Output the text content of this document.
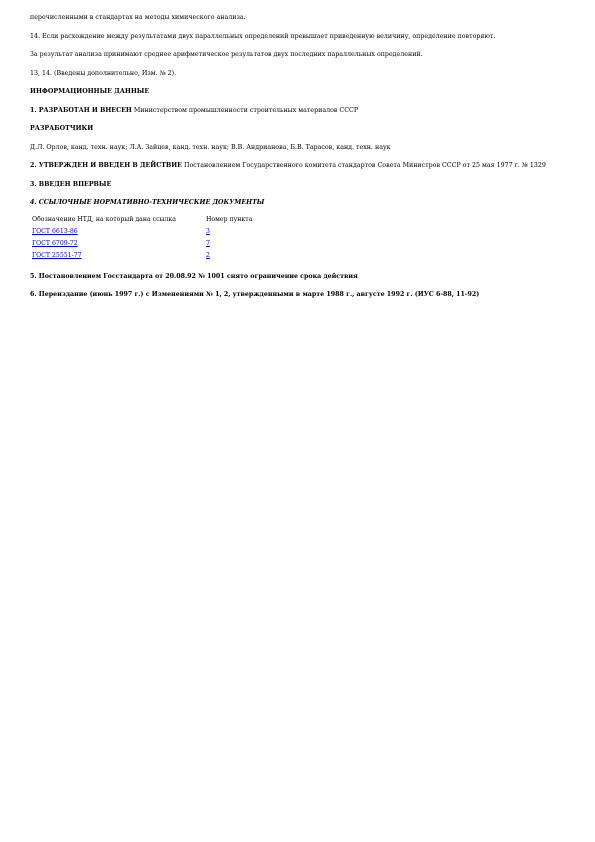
перечисленными в стандартах на методы химического анализа.

14. Если расхождение между результатами двух параллельных определений превышает приведенную величину, определение повторяют.

За результат анализа принимают среднее арифметическое результатов двух последних параллельных определений.

13, 14. (Введены дополнительно, Изм. № 2).

ИНФОРМАЦИОННЫЕ ДАННЫЕ

1. РАЗРАБОТАН И ВНЕСЕН Министерством промышленности строительных материалов СССР

РАЗРАБОТЧИКИ

Д.Л. Орлов, канд. техн. наук; Л.А. Зайцев, канд. техн. наук; В.В. Андрианова, Б.В. Тарасов, канд. техн. наук

2. УТВЕРЖДЕН И ВВЕДЕН В ДЕЙСТВИЕ Постановлением Государственного комитета стандартов Совета Министров СССР от 25 мая 1977 г. № 1329

3. ВВЕДЕН ВПЕРВЫЕ

4. ССЫЛОЧНЫЕ НОРМАТИВНО-ТЕХНИЧЕСКИЕ ДОКУМЕНТЫ

Обозначение НТД, на который дана ссылка	Номер пункта
ГОСТ 6613-86	3
ГОСТ 6709-72	7
ГОСТ 25551-77	2

5. Постановлением Госстандарта от 20.08.92 № 1001 снято ограничение срока действия

6. Переиздание (июнь 1997 г.) с Изменениями № 1, 2, утвержденными в марте 1988 г., августе 1992 г. (ИУС 6-88, 11-92)
